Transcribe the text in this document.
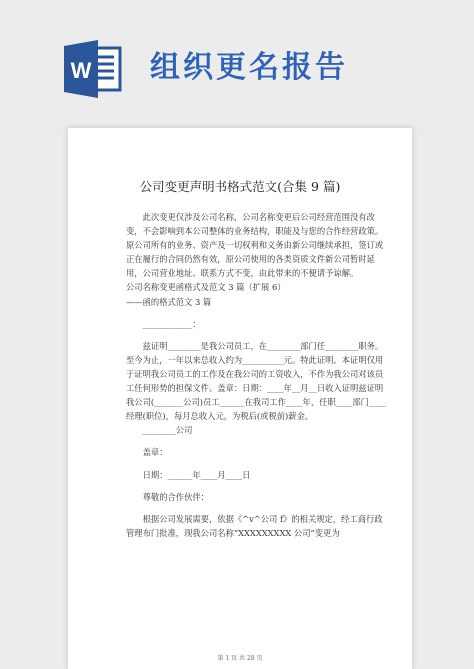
W 组织更名报告
公司变更声明书格式范文(合集 9 篇)

此次变更仅涉及公司名称，公司名称变更后公司经营范围没有改变，不会影响到本公司整体的业务结构，职能及与您的合作经营政策。原公司所有的业务、资产及一切权利和义务由新公司继续承担，签订或正在履行的合同仍然有效，原公司使用的各类资质文件新公司暂时延用，公司营业地址、联系方式不变，由此带来的不便请予谅解。

公司名称变更函格式及范文 3 篇（扩展 6）

——函的格式范文 3 篇

____________：

兹证明________是我公司员工，在________部门任________职务。至今为止，一年以来总收入约为__________元。特此证明。本证明仅用于证明我公司员工的工作及在我公司的工资收入，不作为我公司对该员工任何形势的担保文件。盖章：日期：____年__月__日收入证明兹证明我公司(_______公司)员工______在我司工作____年，任职____部门____经理(职位)，每月总收入元，为税后(或税前)薪金。

________公司

盖章：

日期：______年____月____日

尊敬的合作伙伴：

根据公司发展需要，依据《^v^公司 f》的相关规定，经工商行政管理布门批准，现我公司名称“XXXXXXXXX 公司”变更为

第 1 页 共 28 页
